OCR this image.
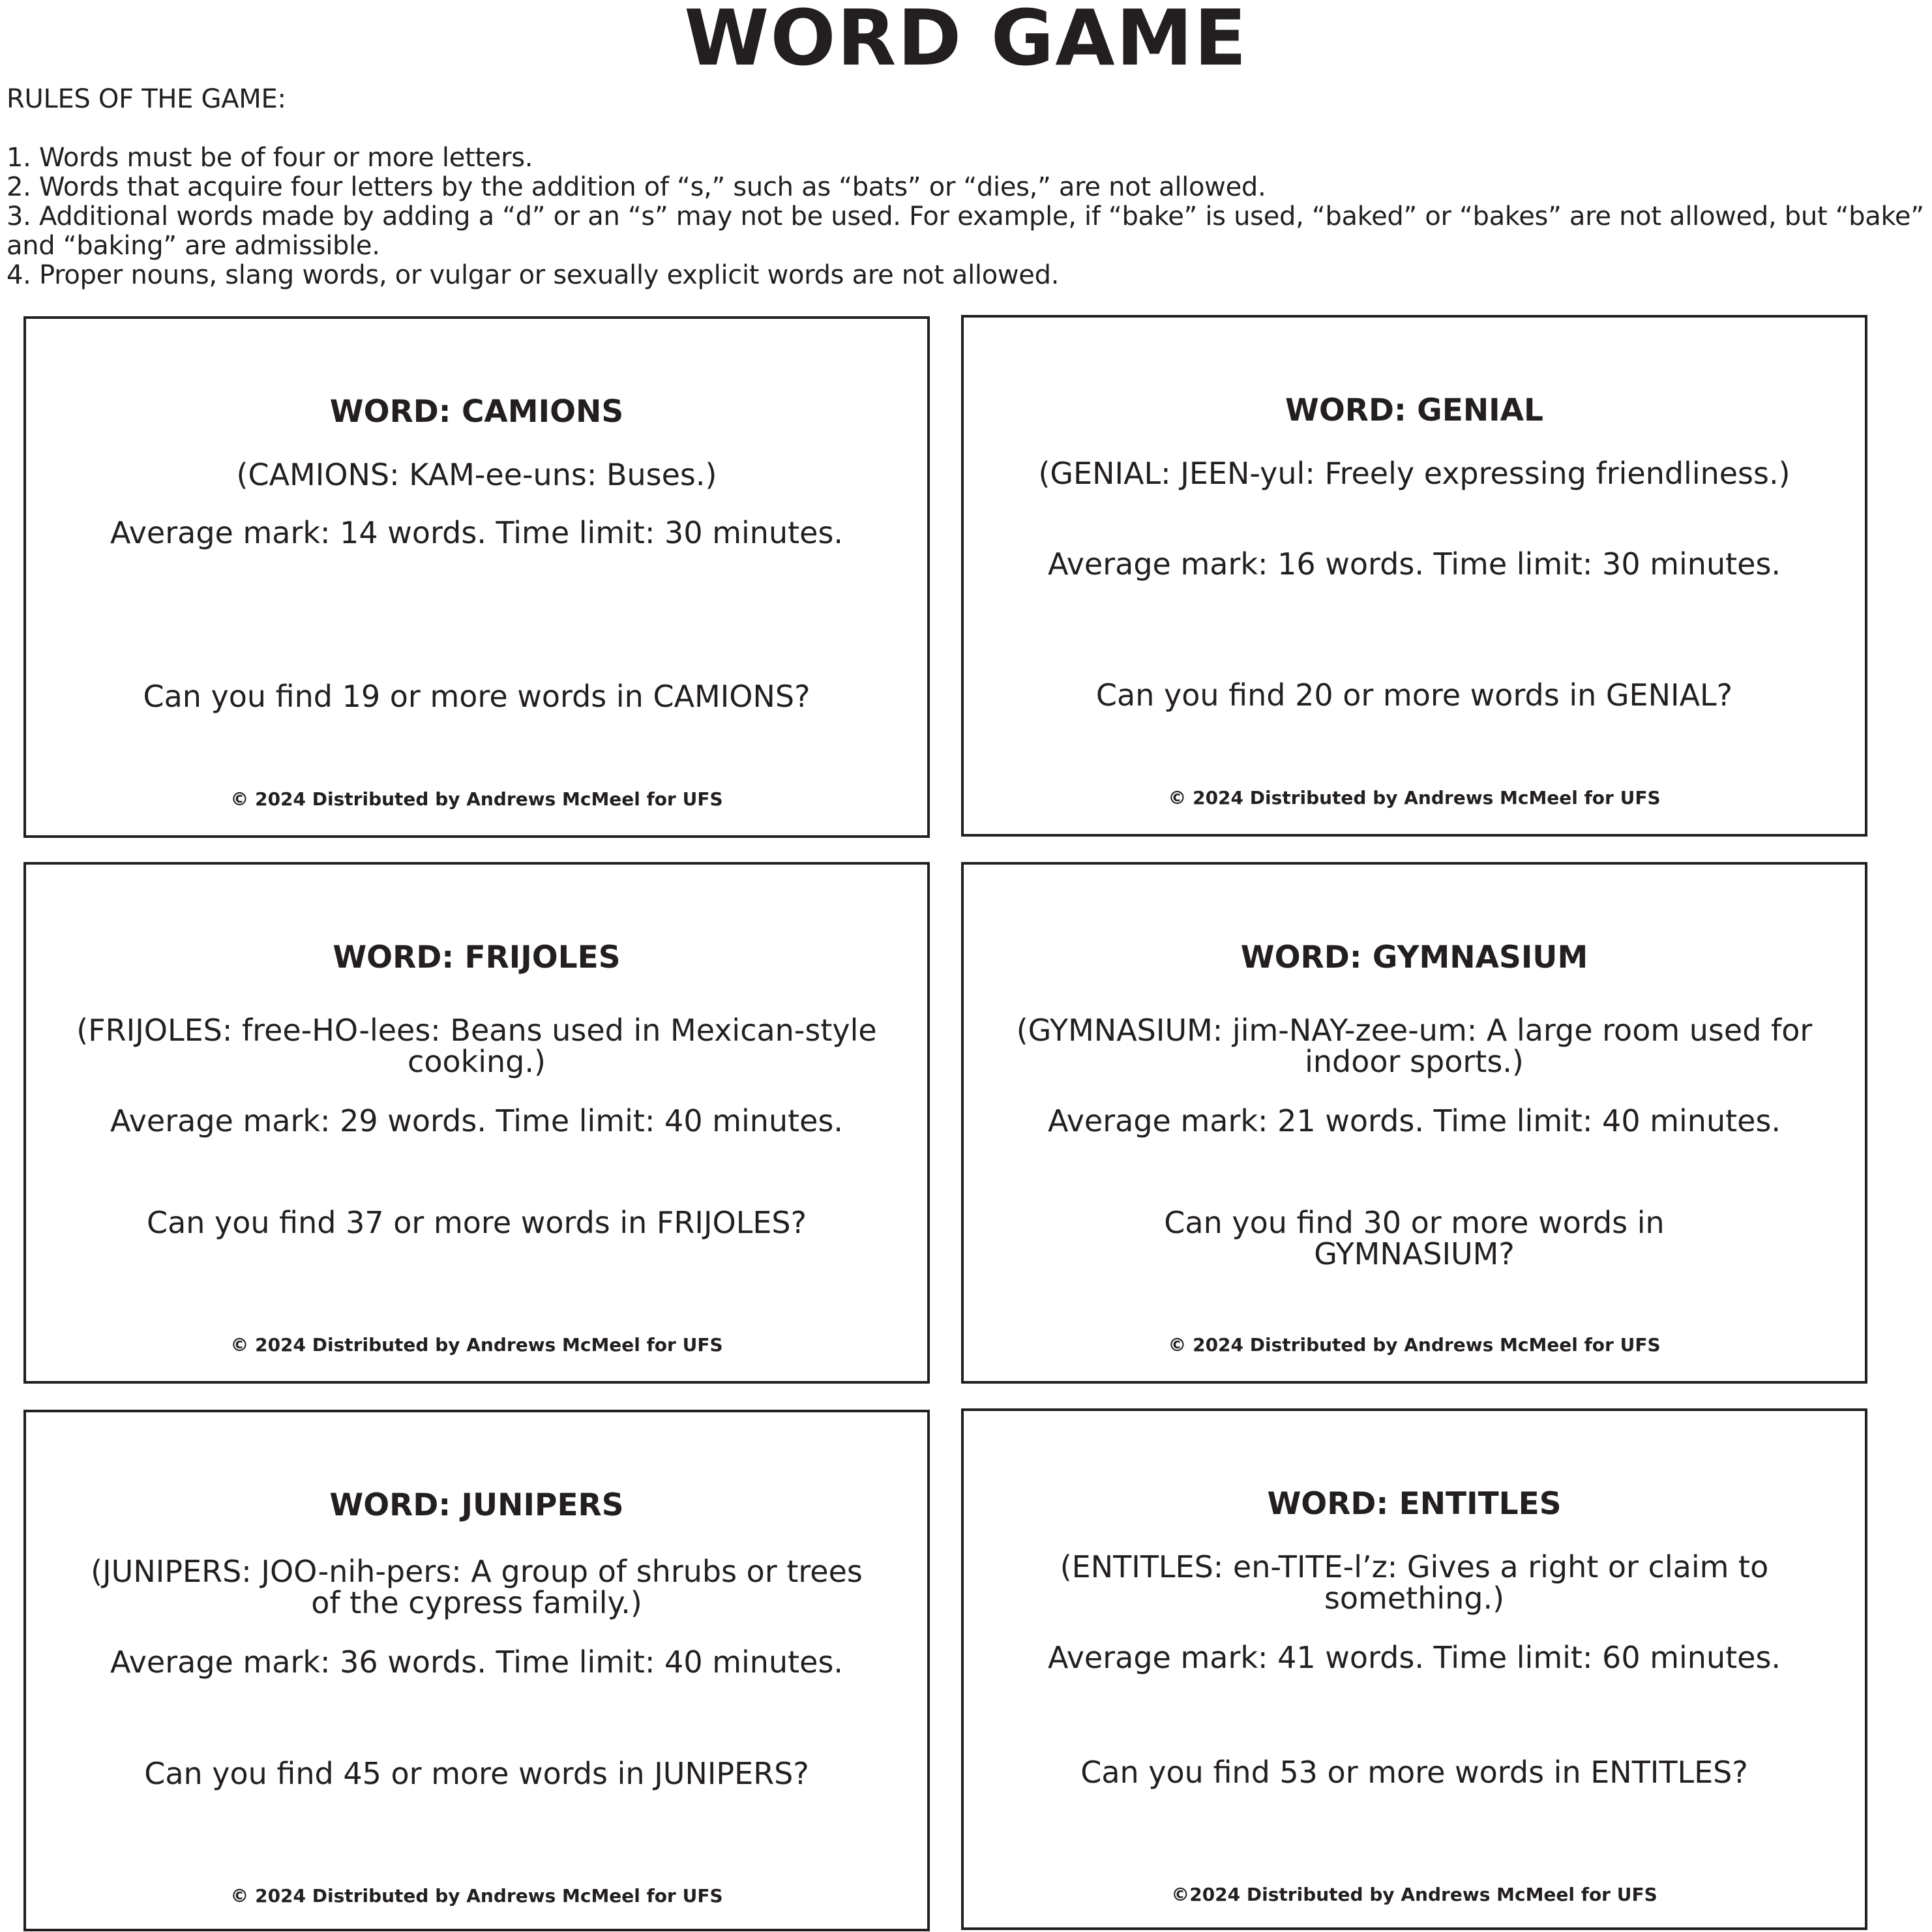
WORD GAME

RULES OF THE GAME:

1. Words must be of four or more letters.

2. Words that acquire four letters by the addition of “s,” such as “bats” or “dies,” are not allowed.

3. Additional words made by adding a “d” or an “s” may not be used. For example, if “bake” is used, “baked” or “bakes” are not allowed, but “bake” and “baking” are admissible.

4. Proper nouns, slang words, or vulgar or sexually explicit words are not allowed.

WORD: CAMIONS
(CAMIONS: KAM-ee-uns: Buses.)
Average mark: 14 words. Time limit: 30 minutes.
Can you find 19 or more words in CAMIONS?
© 2024 Distributed by Andrews McMeel for UFS
WORD: GENIAL
(GENIAL: JEEN-yul: Freely expressing friendliness.)
Average mark: 16 words. Time limit: 30 minutes.
Can you find 20 or more words in GENIAL?
© 2024 Distributed by Andrews McMeel for UFS
WORD: FRIJOLES
(FRIJOLES: free-HO-lees: Beans used in Mexican-style cooking.)
Average mark: 29 words. Time limit: 40 minutes.
Can you find 37 or more words in FRIJOLES?
© 2024 Distributed by Andrews McMeel for UFS
WORD: GYMNASIUM
(GYMNASIUM: jim-NAY-zee-um: A large room used for indoor sports.)
Average mark: 21 words. Time limit: 40 minutes.
Can you find 30 or more words in GYMNASIUM?
© 2024 Distributed by Andrews McMeel for UFS
WORD: JUNIPERS
(JUNIPERS: JOO-nih-pers: A group of shrubs or trees of the cypress family.)
Average mark: 36 words. Time limit: 40 minutes.
Can you find 45 or more words in JUNIPERS?
© 2024 Distributed by Andrews McMeel for UFS
WORD: ENTITLES
(ENTITLES: en-TITE-l’z: Gives a right or claim to something.)
Average mark: 41 words. Time limit: 60 minutes.
Can you find 53 or more words in ENTITLES?
©2024 Distributed by Andrews McMeel for UFS
